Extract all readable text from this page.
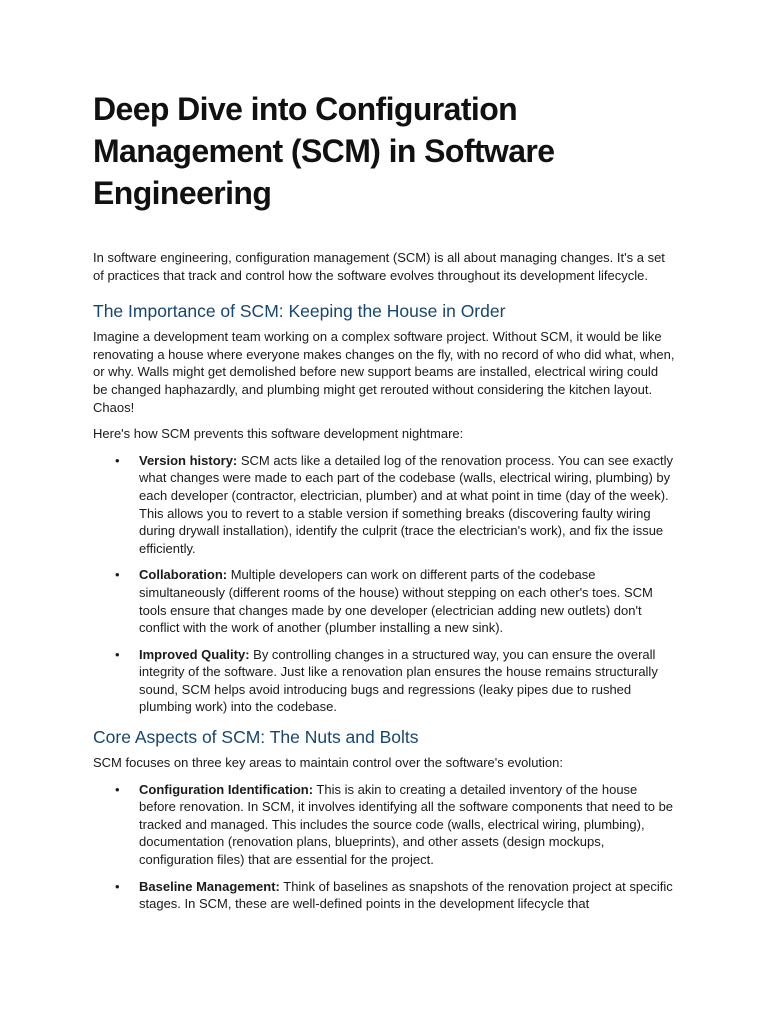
Deep Dive into Configuration Management (SCM) in Software Engineering

In software engineering, configuration management (SCM) is all about managing changes. It's a set of practices that track and control how the software evolves throughout its development lifecycle.

The Importance of SCM: Keeping the House in Order

Imagine a development team working on a complex software project. Without SCM, it would be like renovating a house where everyone makes changes on the fly, with no record of who did what, when, or why. Walls might get demolished before new support beams are installed, electrical wiring could be changed haphazardly, and plumbing might get rerouted without considering the kitchen layout. Chaos!

Here's how SCM prevents this software development nightmare:

• Version history: SCM acts like a detailed log of the renovation process. You can see exactly what changes were made to each part of the codebase (walls, electrical wiring, plumbing) by each developer (contractor, electrician, plumber) and at what point in time (day of the week). This allows you to revert to a stable version if something breaks (discovering faulty wiring during drywall installation), identify the culprit (trace the electrician's work), and fix the issue efficiently.
• Collaboration: Multiple developers can work on different parts of the codebase simultaneously (different rooms of the house) without stepping on each other's toes. SCM tools ensure that changes made by one developer (electrician adding new outlets) don't conflict with the work of another (plumber installing a new sink).
• Improved Quality: By controlling changes in a structured way, you can ensure the overall integrity of the software. Just like a renovation plan ensures the house remains structurally sound, SCM helps avoid introducing bugs and regressions (leaky pipes due to rushed plumbing work) into the codebase.
Core Aspects of SCM: The Nuts and Bolts

SCM focuses on three key areas to maintain control over the software's evolution:

• Configuration Identification: This is akin to creating a detailed inventory of the house before renovation. In SCM, it involves identifying all the software components that need to be tracked and managed. This includes the source code (walls, electrical wiring, plumbing), documentation (renovation plans, blueprints), and other assets (design mockups, configuration files) that are essential for the project.
• Baseline Management: Think of baselines as snapshots of the renovation project at specific stages. In SCM, these are well-defined points in the development lifecycle that
